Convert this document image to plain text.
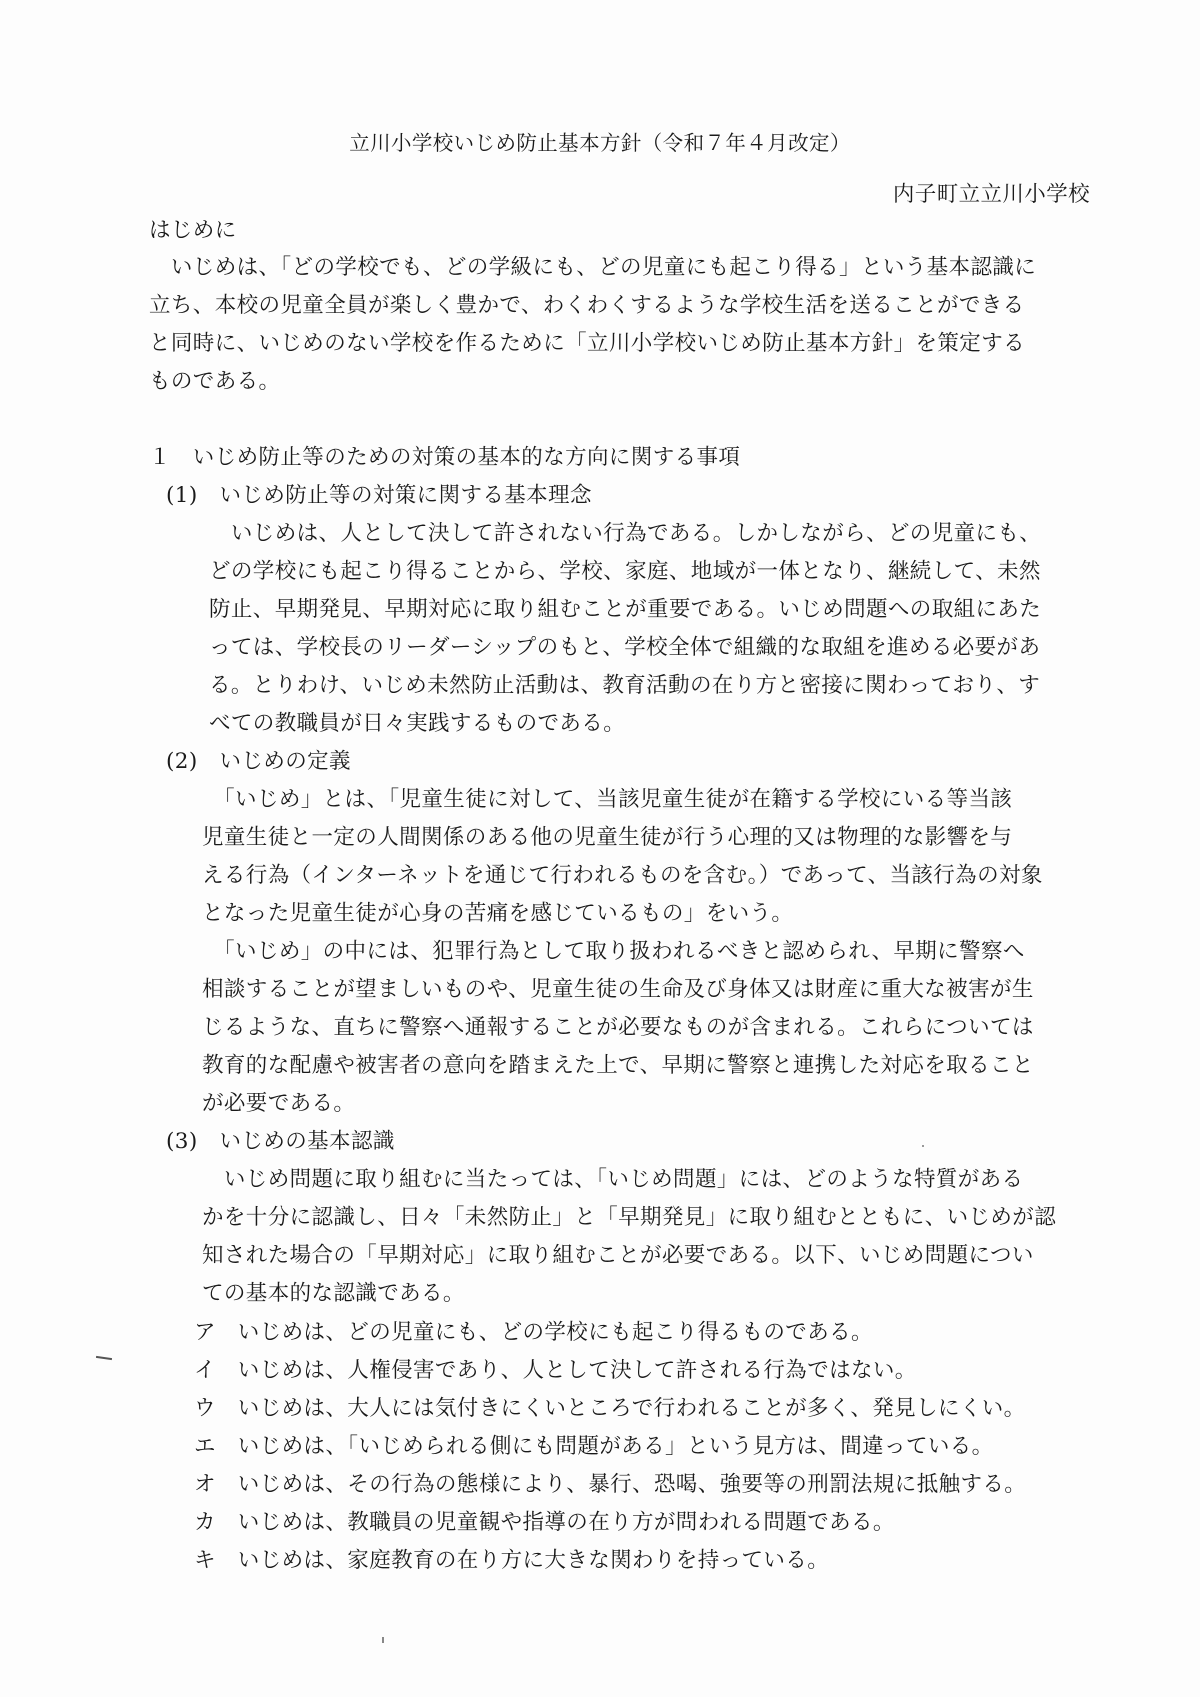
立川小学校いじめ防止基本方針（令和７年４月改定）
内子町立立川小学校
はじめに
　いじめは、「どの学校でも、どの学級にも、どの児童にも起こり得る」という基本認識に
立ち、本校の児童全員が楽しく豊かで、わくわくするような学校生活を送ることができる
と同時に、いじめのない学校を作るために「立川小学校いじめ防止基本方針」を策定する
ものである。
１　いじめ防止等のための対策の基本的な方向に関する事項
(1)　いじめ防止等の対策に関する基本理念
　いじめは、人として決して許されない行為である。しかしながら、どの児童にも、
どの学校にも起こり得ることから、学校、家庭、地域が一体となり、継続して、未然
防止、早期発見、早期対応に取り組むことが重要である。いじめ問題への取組にあた
っては、学校長のリーダーシップのもと、学校全体で組織的な取組を進める必要があ
る。とりわけ、いじめ未然防止活動は、教育活動の在り方と密接に関わっており、す
べての教職員が日々実践するものである。
(2)　いじめの定義
　「いじめ」とは、「児童生徒に対して、当該児童生徒が在籍する学校にいる等当該
児童生徒と一定の人間関係のある他の児童生徒が行う心理的又は物理的な影響を与
える行為（インターネットを通じて行われるものを含む。）であって、当該行為の対象
となった児童生徒が心身の苦痛を感じているもの」をいう。
　「いじめ」の中には、犯罪行為として取り扱われるべきと認められ、早期に警察へ
相談することが望ましいものや、児童生徒の生命及び身体又は財産に重大な被害が生
じるような、直ちに警察へ通報することが必要なものが含まれる。これらについては
教育的な配慮や被害者の意向を踏まえた上で、早期に警察と連携した対応を取ること
が必要である。
(3)　いじめの基本認識
　いじめ問題に取り組むに当たっては、「いじめ問題」には、どのような特質がある
かを十分に認識し、日々「未然防止」と「早期発見」に取り組むとともに、いじめが認
知された場合の「早期対応」に取り組むことが必要である。以下、いじめ問題につい
ての基本的な認識である。
ア　いじめは、どの児童にも、どの学校にも起こり得るものである。
イ　いじめは、人権侵害であり、人として決して許される行為ではない。
ウ　いじめは、大人には気付きにくいところで行われることが多く、発見しにくい。
エ　いじめは、「いじめられる側にも問題がある」という見方は、間違っている。
オ　いじめは、その行為の態様により、暴行、恐喝、強要等の刑罰法規に抵触する。
カ　いじめは、教職員の児童観や指導の在り方が問われる問題である。
キ　いじめは、家庭教育の在り方に大きな関わりを持っている。
